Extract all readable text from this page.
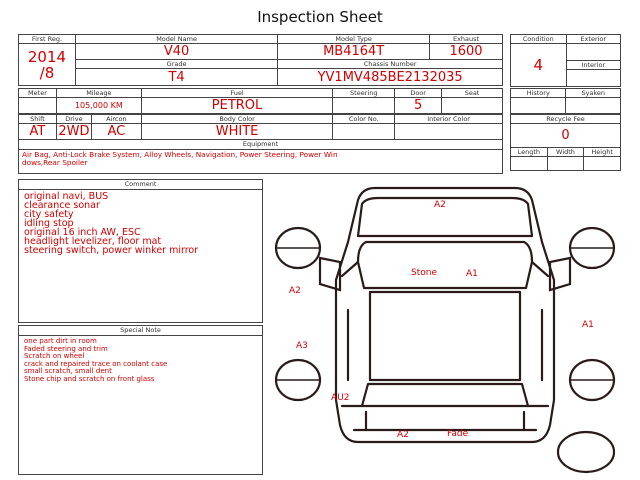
Inspection Sheet
First Reg.	Model Name	Model Type	Exhaust
2014
/8	V40	MB4164T	1600
	Grade	Chassis Number	
	T4	YV1MV485BE2132035	
Condition	Exterior
4	
	Interior

Meter	Mileage	Fuel	Steering	Door	Seat
	105,000 KM	PETROL		5	
Shift	Drive	Aircon	Body Color	Color No.	Interior Color
AT	2WD	AC	WHITE		
Equipment
Air Bag, Anti-Lock Brake System, Alloy Wheels, Navigation, Power Steering, Power Win
dows,Rear Spoiler
History	Syaken

Recycle Fee		
0		
Length	Width	Height

Comment
original navi, BUS
clearance sonar
city safety
idling stop
original 16 inch AW, ESC
headlight levelizer, floor mat
steering switch, power winker mirror
Special Note
one part dirt in room
Faded steering and trim
Scratch on wheel
crack and repaired trace on coolant case
small scratch, small dent
Stone chip and scratch on front glass
A2
Stone	A1
A2
A1
A3
AU2
A2	Fade
